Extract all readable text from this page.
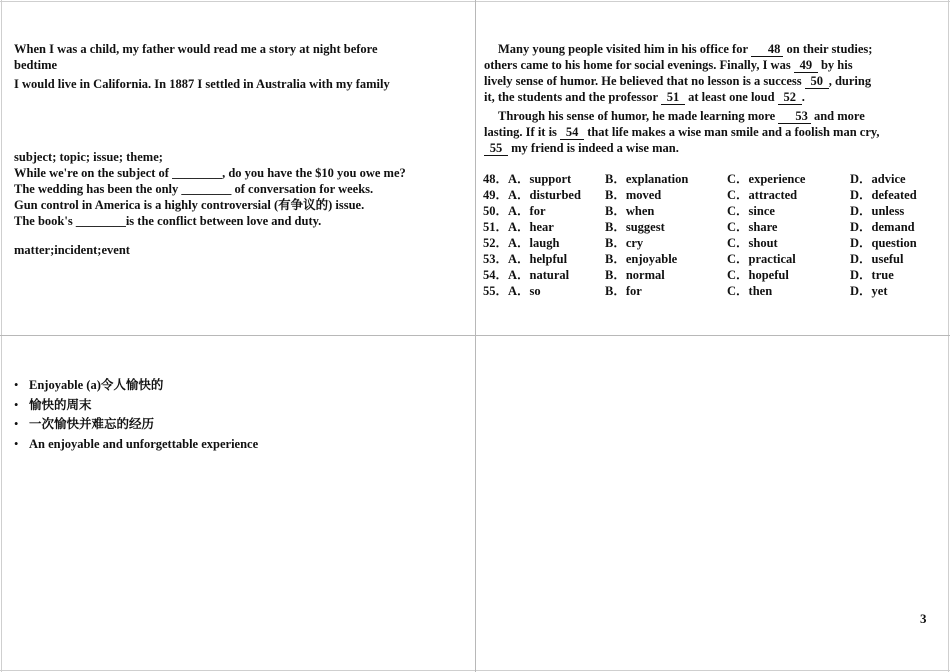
When I was a child, my father would read me a story at night before

bedtime

I would live in California. In 1887 I settled in Australia with my family

subject; topic; issue; theme;

While we're on the subject of ________, do you have the $10 you owe me?

The wedding has been the only ________ of conversation for weeks.

Gun control in America is a highly controversial (有争议的) issue.

The book's ________is the conflict between love and duty.

matter;incident;event

Many young people visited him in his office for 48 on their studies;

others came to his home for social evenings. Finally, I was 49 by his

lively sense of humor. He believed that no lesson is a success 50 , during

it, the students and the professor 51 at least one loud 52 .

Through his sense of humor, he made learning more 53 and more

lasting. If it is 54 that life makes a wise man smile and a foolish man cry,

55 my friend is indeed a wise man.

48．A．support	B．explanation	C．experience	D．advice
49．A．disturbed	B．moved	C．attracted	D．defeated
50．A．for	B．when	C．since	D．unless
51．A．hear	B．suggest	C．share	D．demand
52．A．laugh	B．cry	C．shout	D．question
53．A．helpful	B．enjoyable	C．practical	D．useful
54．A．natural	B．normal	C．hopeful	D．true
55．A．so	B．for	C．then	D．yet
• Enjoyable (a)令人愉快的
• 愉快的周末
• 一次愉快并难忘的经历
• An enjoyable and unforgettable experience
3
